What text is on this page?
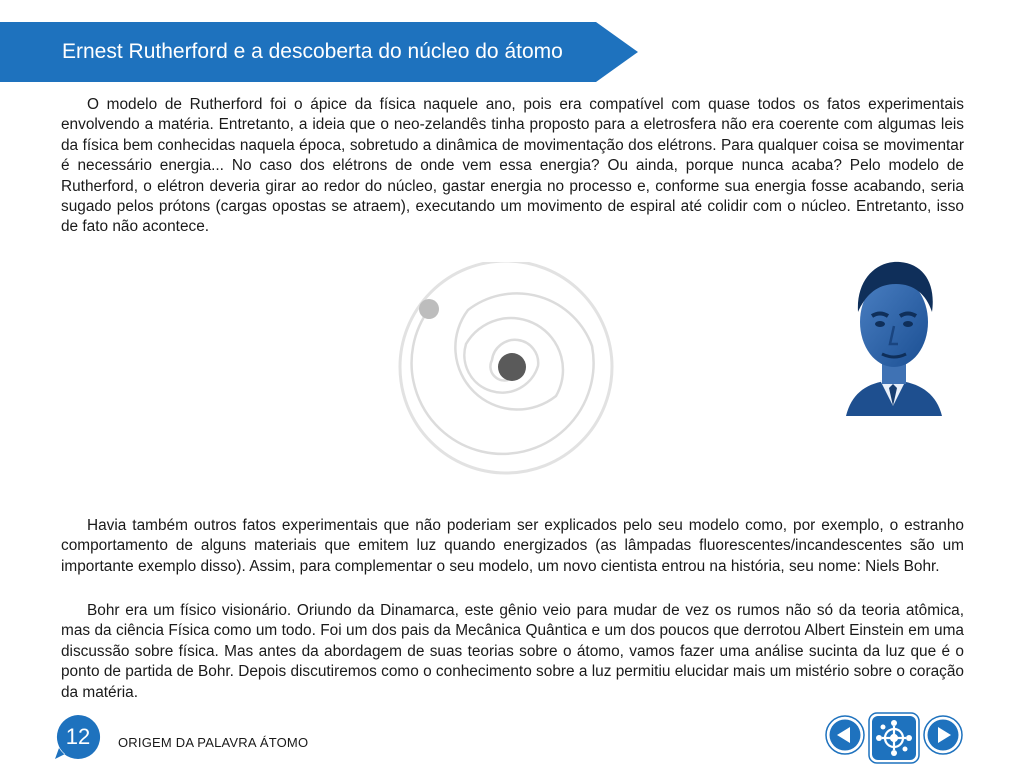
Ernest Rutherford e a descoberta do núcleo do átomo

O modelo de Rutherford foi o ápice da física naquele ano, pois era compatível com quase todos os fatos experimentais envolvendo a matéria. Entretanto, a ideia que o neo-zelandês tinha proposto para a eletrosfera não era coerente com algumas leis da física bem conhecidas naquela época, sobretudo a dinâmica de movimentação dos elétrons. Para qualquer coisa se movimentar é necessário energia... No caso dos elétrons de onde vem essa energia? Ou ainda, porque nunca acaba? Pelo modelo de Rutherford, o elétron deveria girar ao redor do núcleo, gastar energia no processo e, conforme sua energia fosse acabando, seria sugado pelos prótons (cargas opostas se atraem), executando um movimento de espiral até colidir com o núcleo. Entretanto, isso de fato não acontece.

Havia também outros fatos experimentais que não poderiam ser explicados pelo seu modelo como, por exemplo, o estranho comportamento de alguns materiais que emitem luz quando energizados (as lâmpadas fluorescentes/incandescentes são um importante exemplo disso). Assim, para complementar o seu modelo, um novo cientista entrou na história, seu nome: Niels Bohr.

Bohr era um físico visionário. Oriundo da Dinamarca, este gênio veio para mudar de vez os rumos não só da teoria atômica, mas da ciência Física como um todo. Foi um dos pais da Mecânica Quântica e um dos poucos que derrotou Albert Einstein em uma discussão sobre física. Mas antes da abordagem de suas teorias sobre o átomo, vamos fazer uma análise sucinta da luz que é o ponto de partida de Bohr. Depois discutiremos como o conhecimento sobre a luz permitiu elucidar mais um mistério sobre o coração da matéria.

12	ORIGEM DA PALAVRA ÁTOMO
